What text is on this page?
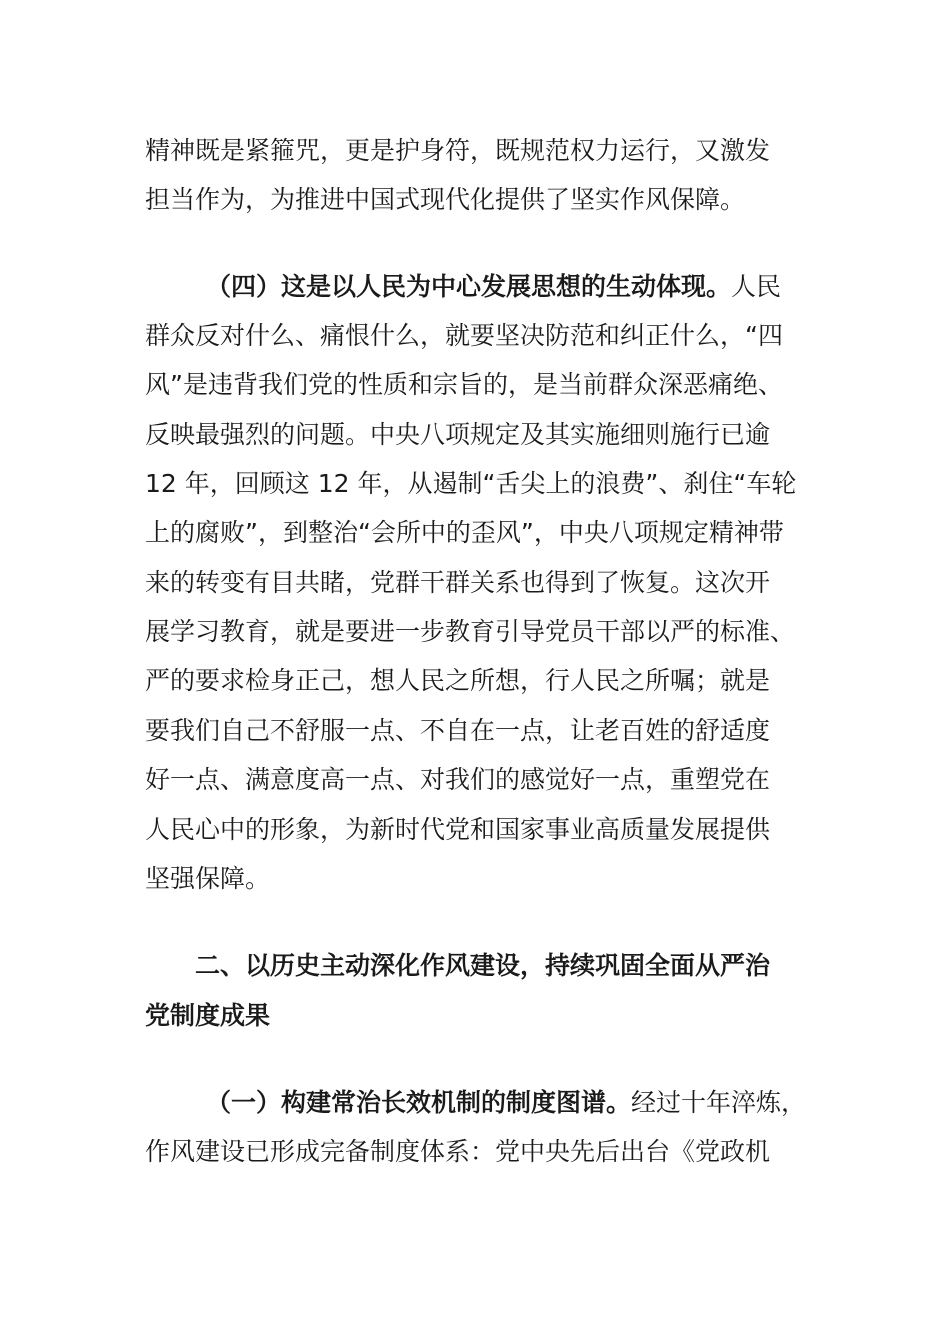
精神既是紧箍咒，更是护身符，既规范权力运行，又激发
担当作为，为推进中国式现代化提供了坚实作风保障。
（四）这是以人民为中心发展思想的生动体现。人民
群众反对什么、痛恨什么，就要坚决防范和纠正什么，“四
风”是违背我们党的性质和宗旨的，是当前群众深恶痛绝、
反映最强烈的问题。中央八项规定及其实施细则施行已逾
12 年，回顾这 12 年，从遏制“舌尖上的浪费”、刹住“车轮
上的腐败”，到整治“会所中的歪风”，中央八项规定精神带
来的转变有目共睹，党群干群关系也得到了恢复。这次开
展学习教育，就是要进一步教育引导党员干部以严的标准、
严的要求检身正己，想人民之所想，行人民之所嘱；就是
要我们自己不舒服一点、不自在一点，让老百姓的舒适度
好一点、满意度高一点、对我们的感觉好一点，重塑党在
人民心中的形象，为新时代党和国家事业高质量发展提供
坚强保障。
二、以历史主动深化作风建设，持续巩固全面从严治
党制度成果
（一）构建常治长效机制的制度图谱。经过十年淬炼，
作风建设已形成完备制度体系：党中央先后出台《党政机
